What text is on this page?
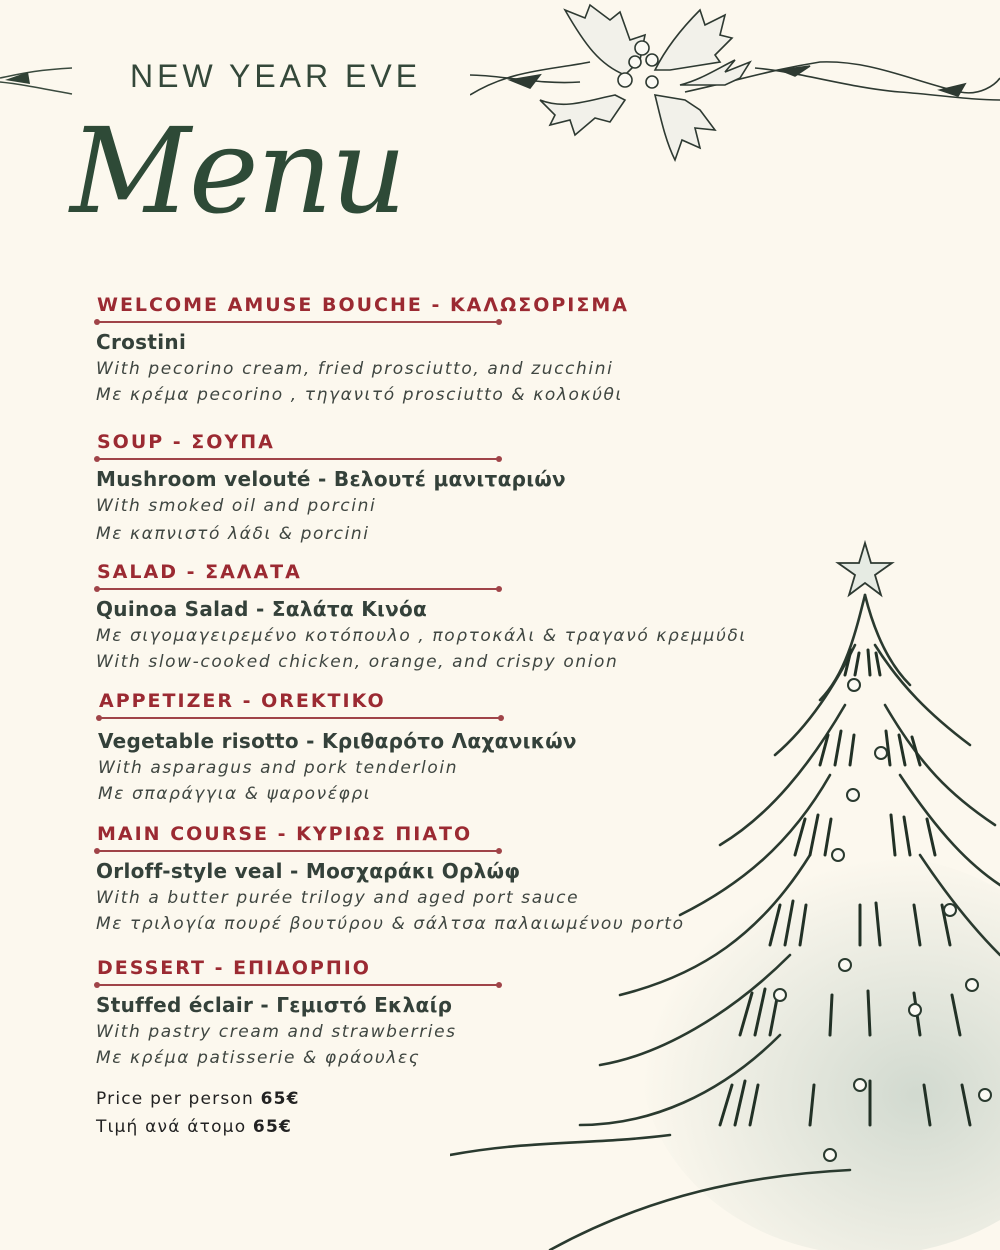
NEW YEAR EVE
Menu
WELCOME AMUSE BOUCHE - ΚΑΛΩΣΟΡΙΣΜΑ
Crostini
With pecorino cream, fried prosciutto, and zucchini
Με κρέμα pecorino , τηγανιτό prosciutto & κολοκύθι
SOUP - ΣΟΥΠΑ
Mushroom velouté - Βελουτέ μανιταριών
With smoked oil and porcini
Με καπνιστό λάδι & porcini
SALAD - ΣΑΛΑΤΑ
Quinoa Salad - Σαλάτα Κινόα
Με σιγομαγειρεμένο κοτόπουλο , πορτοκάλι & τραγανό κρεμμύδι
With slow-cooked chicken, orange, and crispy onion
APPETIZER - OREKTIKO
Vegetable risotto - Κριθαρότο Λαχανικών
With asparagus and pork tenderloin
Με σπαράγγια & ψαρονέφρι
MAIN COURSE - ΚΥΡΙΩΣ ΠΙΑΤΟ
Orloff-style veal - Μοσχαράκι Ορλώφ
With a butter purée trilogy and aged port sauce
Με τριλογία πουρέ βουτύρου & σάλτσα παλαιωμένου porto
DESSERT - ΕΠΙΔΟΡΠΙΟ
Stuffed éclair - Γεμιστό Εκλαίρ
With pastry cream and strawberries
Με κρέμα patisserie & φράουλες
Price per person 65€
Τιμή ανά άτομο 65€
